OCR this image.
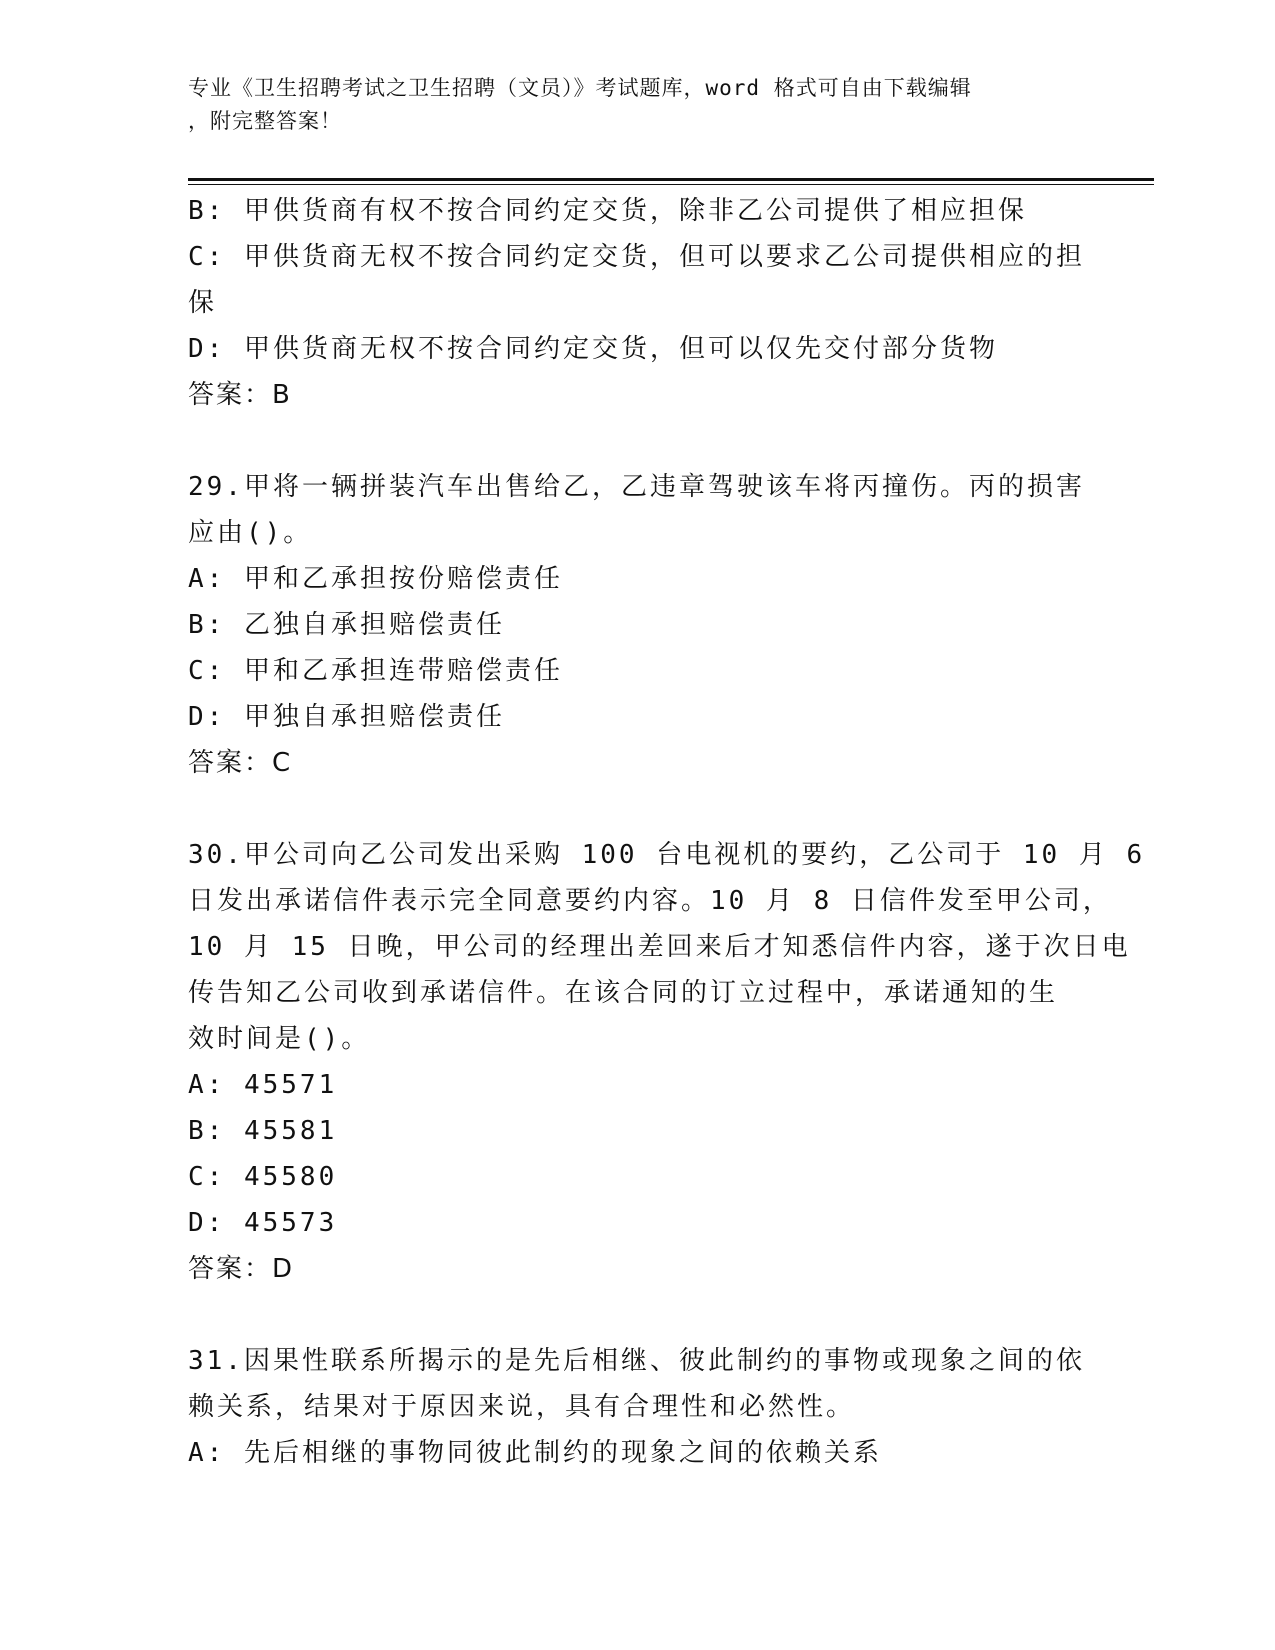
专业《卫生招聘考试之卫生招聘（文员）》考试题库，word 格式可自由下载编辑
，附完整答案！

B: 甲供货商有权不按合同约定交货，除非乙公司提供了相应担保

C: 甲供货商无权不按合同约定交货，但可以要求乙公司提供相应的担

保

D: 甲供货商无权不按合同约定交货，但可以仅先交付部分货物

答案：B

29.甲将一辆拼装汽车出售给乙，乙违章驾驶该车将丙撞伤。丙的损害

应由()。

A: 甲和乙承担按份赔偿责任

B: 乙独自承担赔偿责任

C: 甲和乙承担连带赔偿责任

D: 甲独自承担赔偿责任

答案：C

30.甲公司向乙公司发出采购 100 台电视机的要约，乙公司于 10 月 6

日发出承诺信件表示完全同意要约内容。10 月 8 日信件发至甲公司，

10 月 15 日晚，甲公司的经理出差回来后才知悉信件内容，遂于次日电

传告知乙公司收到承诺信件。在该合同的订立过程中，承诺通知的生

效时间是()。

A: 45571

B: 45581

C: 45580

D: 45573

答案：D

31.因果性联系所揭示的是先后相继、彼此制约的事物或现象之间的依

赖关系，结果对于原因来说，具有合理性和必然性。

A: 先后相继的事物同彼此制约的现象之间的依赖关系
